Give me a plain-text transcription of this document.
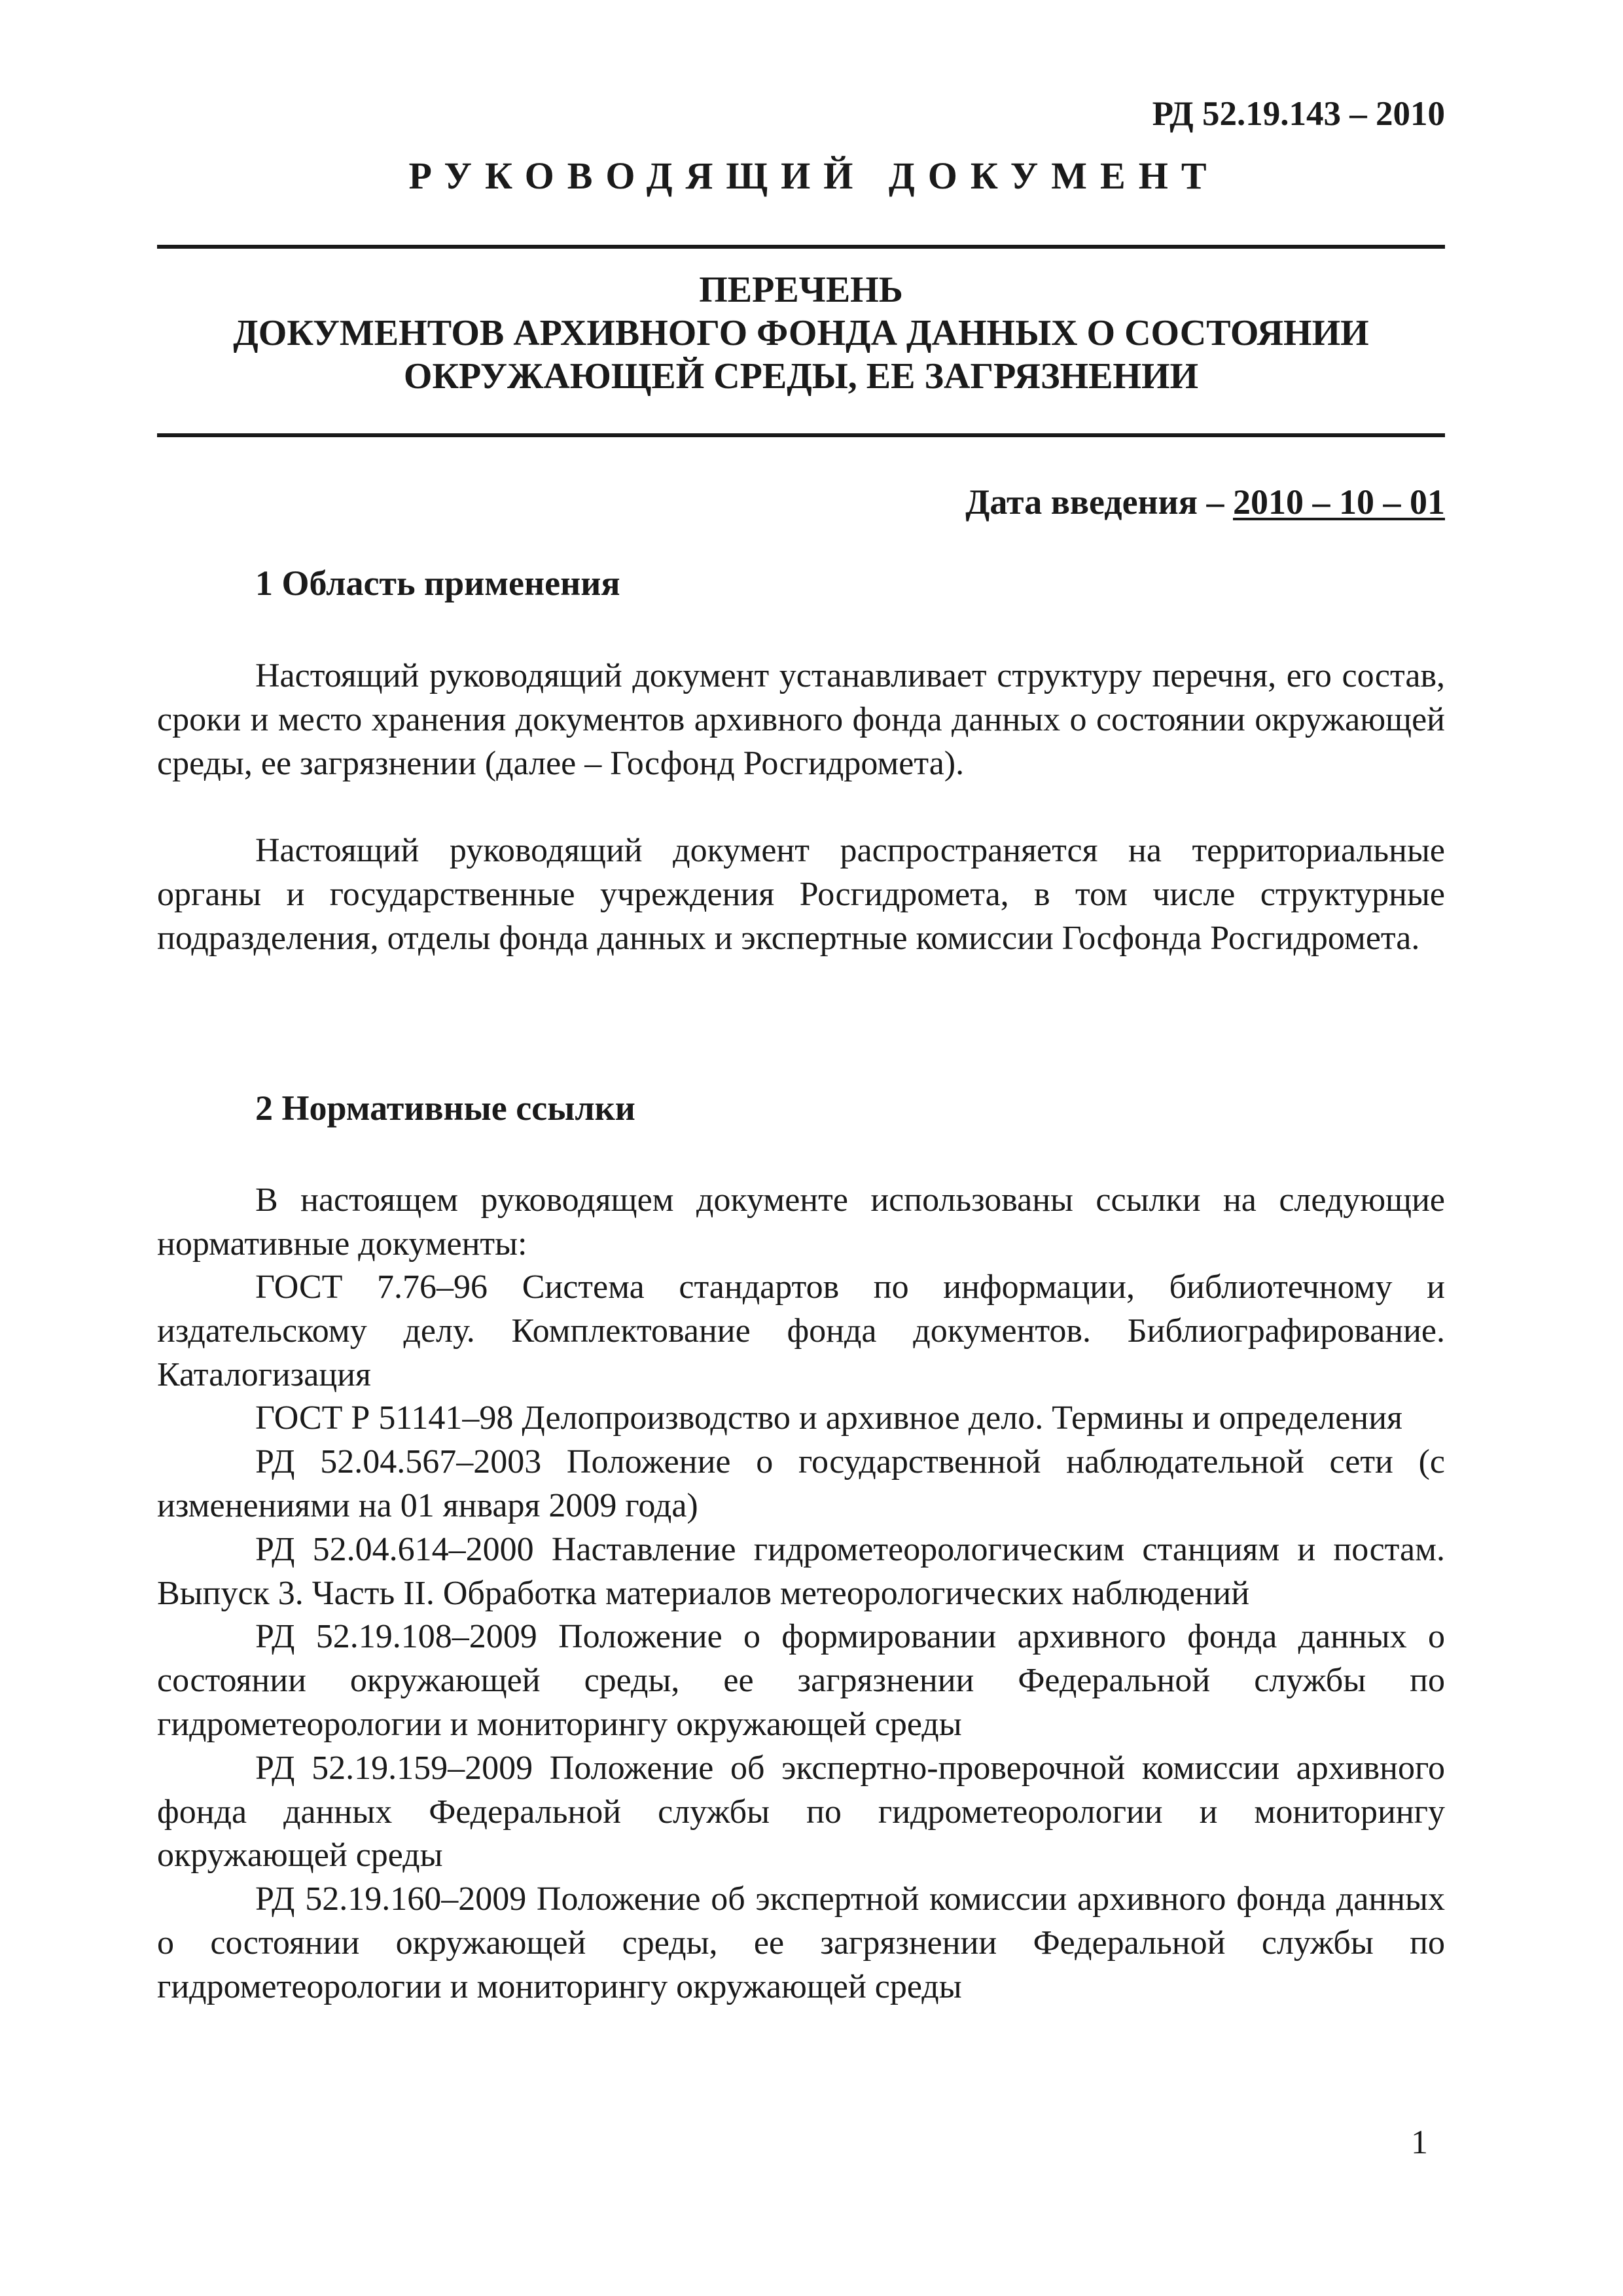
РД 52.19.143 – 2010
РУКОВОДЯЩИЙ ДОКУМЕНТ
ПЕРЕЧЕНЬ
ДОКУМЕНТОВ АРХИВНОГО ФОНДА ДАННЫХ О СОСТОЯНИИ
ОКРУЖАЮЩЕЙ СРЕДЫ, ЕЕ ЗАГРЯЗНЕНИИ
Дата введения – 2010 – 10 – 01
1 Область применения

Настоящий руководящий документ устанавливает структуру перечня, его состав, сроки и место хранения документов архивного фонда данных о состоянии окружающей среды, ее загрязнении (далее – Госфонд Росгидромета).

Настоящий руководящий документ распространяется на территориальные органы и государственные учреждения Росгидромета, в том числе структурные подразделения, отделы фонда данных и экспертные комиссии Госфонда Росгидромета.

2 Нормативные ссылки

В настоящем руководящем документе использованы ссылки на следующие нормативные документы:

ГОСТ 7.76–96 Система стандартов по информации, библиотечному и издательскому делу. Комплектование фонда документов. Библиографирование. Каталогизация

ГОСТ Р 51141–98 Делопроизводство и архивное дело. Термины и определения

РД 52.04.567–2003 Положение о государственной наблюдательной сети (с изменениями на 01 января 2009 года)

РД 52.04.614–2000 Наставление гидрометеорологическим станциям и постам. Выпуск 3. Часть II. Обработка материалов метеорологических наблюдений

РД 52.19.108–2009 Положение о формировании архивного фонда данных о состоянии окружающей среды, ее загрязнении Федеральной службы по гидрометеорологии и мониторингу окружающей среды

РД 52.19.159–2009 Положение об экспертно-проверочной комиссии архивного фонда данных Федеральной службы по гидрометеорологии и мониторингу окружающей среды

РД 52.19.160–2009 Положение об экспертной комиссии архивного фонда данных о состоянии окружающей среды, ее загрязнении Федеральной службы по гидрометеорологии и мониторингу окружающей среды

1
